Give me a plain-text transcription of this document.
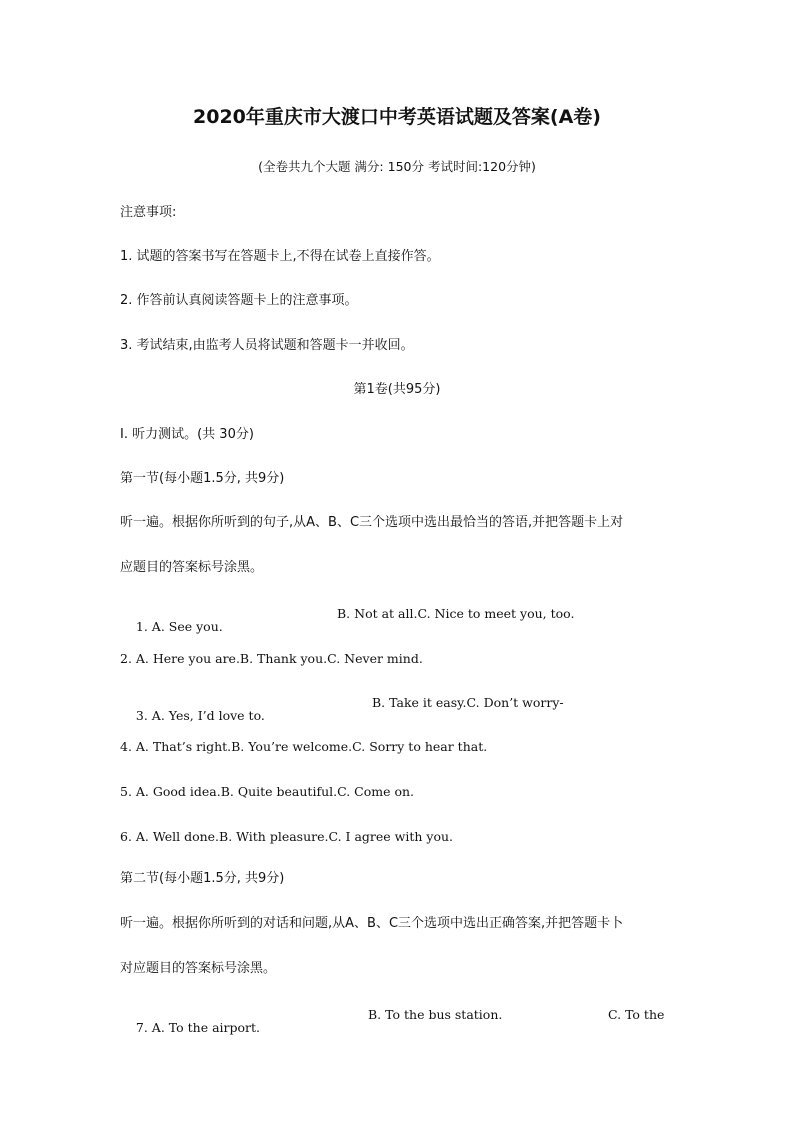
2020年重庆市大渡口中考英语试题及答案(A卷)
(全卷共九个大题 满分: 150分 考试时间:120分钟)
注意事项:
1. 试题的答案书写在答题卡上,不得在试卷上直接作答。
2. 作答前认真阅读答题卡上的注意事项。
3. 考试结束,由监考人员将试题和答题卡一并收回。
第1卷(共95分)
I. 听力测试。(共 30分)
第一节(每小题1.5分, 共9分)
听一遍。根据你所听到的句子,从A、B、C三个选项中选出最恰当的答语,并把答题卡上对
应题目的答案标号涂黑。

1. A. See you.

B. Not at all.C. Nice to meet you, too.

2. A. Here you are.B. Thank you.C. Never mind.

3. A. Yes, I’d love to.

B. Take it easy.C. Don’t worry-

4. A. That’s right.B. You’re welcome.C. Sorry to hear that.
5. A. Good idea.B. Quite beautiful.C. Come on.
6. A. Well done.B. With pleasure.C. I agree with you.
第二节(每小题1.5分, 共9分)
听一遍。根据你所听到的对话和问题,从A、B、C三个选项中选出正确答案,并把答题卡卜
对应题目的答案标号涂黑。

7. A. To the airport.

B. To the bus station.

	C. To the
